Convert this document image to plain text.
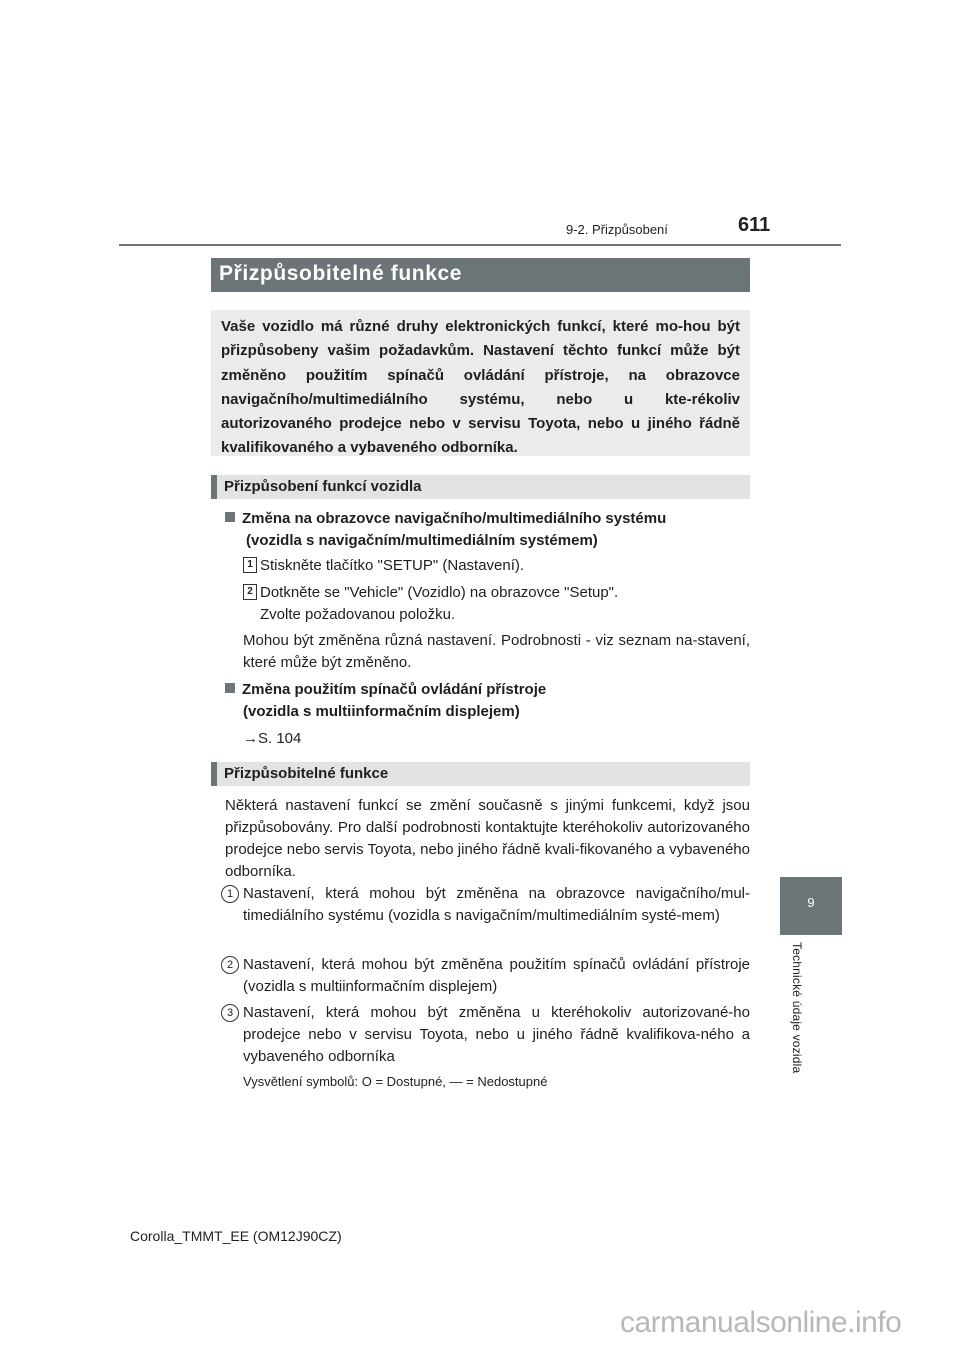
9-2. Přizpůsobení	611
9
Technické údaje vozidla
Přizpůsobitelné funkce
Vaše vozidlo má různé druhy elektronických funkcí, které mo-hou být přizpůsobeny vašim požadavkům. Nastavení těchto funkcí může být změněno použitím spínačů ovládání přístroje, na obrazovce navigačního/multimediálního systému, nebo u kte-rékoliv autorizovaného prodejce nebo v servisu Toyota, nebo u jiného řádně kvalifikovaného a vybaveného odborníka.
Přizpůsobení funkcí vozidla
Změna na obrazovce navigačního/multimediálního systému
(vozidla s navigačním/multimediálním systémem)
1 Stiskněte tlačítko "SETUP" (Nastavení).
2 Dotkněte se "Vehicle" (Vozidlo) na obrazovce "Setup".
Zvolte požadovanou položku.
Mohou být změněna různá nastavení. Podrobnosti - viz seznam na-stavení, které může být změněno.
Změna použitím spínačů ovládání přístroje
(vozidla s multiinformačním displejem)
→S. 104
Přizpůsobitelné funkce
Některá nastavení funkcí se změní současně s jinými funkcemi, když jsou přizpůsobovány. Pro další podrobnosti kontaktujte kteréhokoliv autorizovaného prodejce nebo servis Toyota, nebo jiného řádně kvali-fikovaného a vybaveného odborníka.
1 Nastavení, která mohou být změněna na obrazovce navigačního/mul-timediálního systému (vozidla s navigačním/multimediálním systé-mem)
2 Nastavení, která mohou být změněna použitím spínačů ovládání přístroje (vozidla s multiinformačním displejem)
3 Nastavení, která mohou být změněna u kteréhokoliv autorizované-ho prodejce nebo v servisu Toyota, nebo u jiného řádně kvalifikova-ného a vybaveného odborníka
Vysvětlení symbolů: O = Dostupné, — = Nedostupné
Corolla_TMMT_EE (OM12J90CZ)
carmanualsonline.info
